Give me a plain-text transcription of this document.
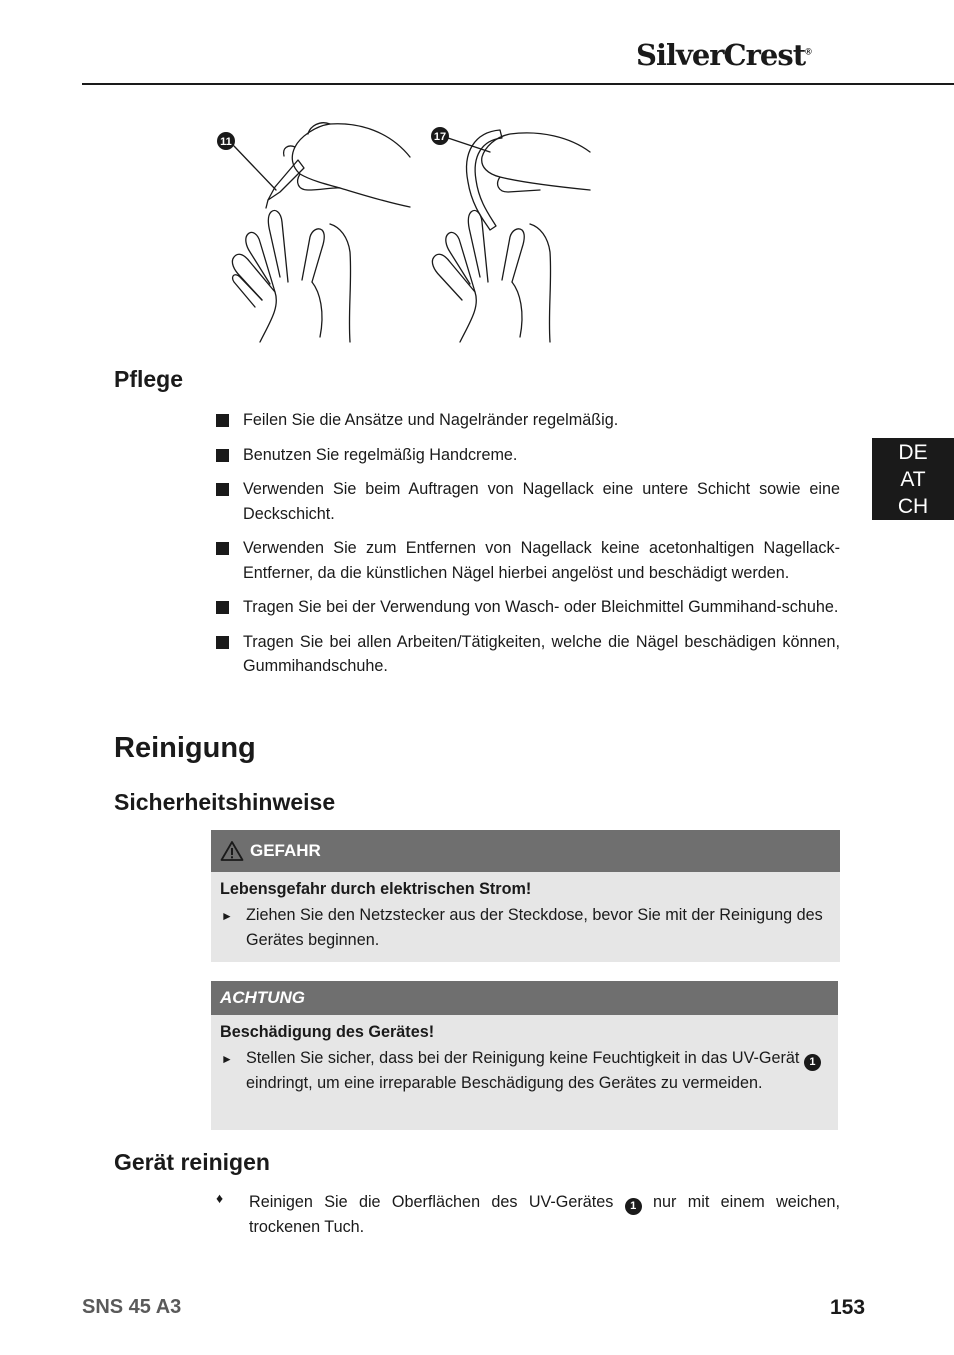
SilverCrest®
DE
AT
CH
11	17
Pflege
Feilen Sie die Ansätze und Nagelränder regelmäßig.
Benutzen Sie regelmäßig Handcreme.
Verwenden Sie beim Auftragen von Nagellack eine untere Schicht sowie eine Deckschicht.
Verwenden Sie zum Entfernen von Nagellack keine acetonhaltigen Nagellack-Entferner, da die künstlichen Nägel hierbei angelöst und beschädigt werden.
Tragen Sie bei der Verwendung von Wasch- oder Bleichmittel Gummihand-schuhe.
Tragen Sie bei allen Arbeiten/Tätigkeiten, welche die Nägel beschädigen können, Gummihandschuhe.
Reinigung
Sicherheitshinweise
GEFAHR
Lebensgefahr durch elektrischen Strom!
► Ziehen Sie den Netzstecker aus der Steckdose, bevor Sie mit der Reinigung des Gerätes beginnen.
ACHTUNG
Beschädigung des Gerätes!
► Stellen Sie sicher, dass bei der Reinigung keine Feuchtigkeit in das UV-Gerät 1 eindringt, um eine irreparable Beschädigung des Gerätes zu vermeiden.
Gerät reinigen
♦	Reinigen Sie die Oberflächen des UV-Gerätes 1 nur mit einem weichen, trockenen Tuch.
SNS 45 A3	153
